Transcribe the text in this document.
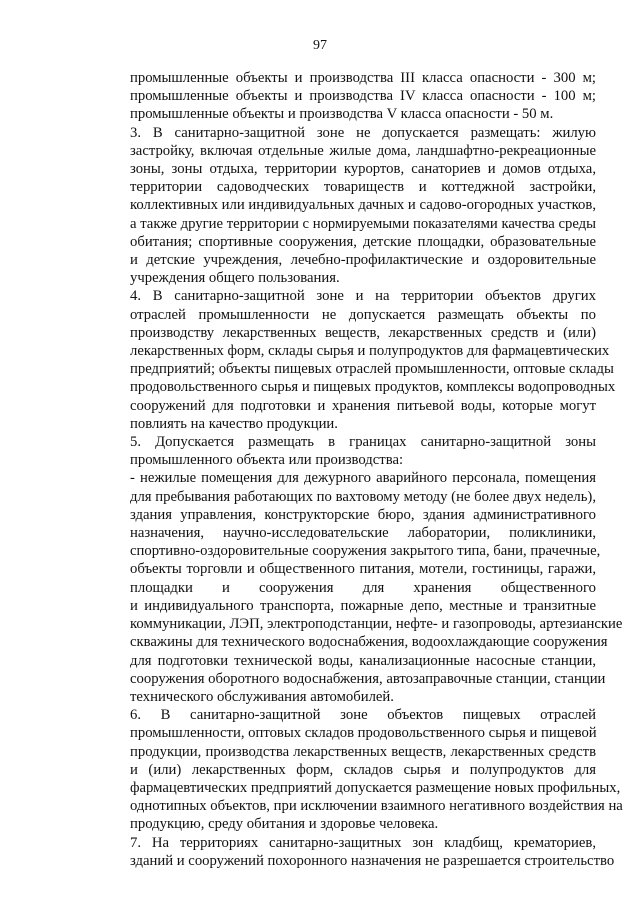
97

промышленные объекты и производства III класса опасности - 300 м;
промышленные объекты и производства IV класса опасности - 100 м;
промышленные объекты и производства V класса опасности - 50 м.

3. В санитарно-защитной зоне не допускается размещать: жилую
застройку, включая отдельные жилые дома, ландшафтно-рекреационные
зоны, зоны отдыха, территории курортов, санаториев и домов отдыха,
территории садоводческих товариществ и коттеджной застройки,
коллективных или индивидуальных дачных и садово-огородных участков,
а также другие территории с нормируемыми показателями качества среды
обитания; спортивные сооружения, детские площадки, образовательные
и детские учреждения, лечебно-профилактические и оздоровительные
учреждения общего пользования.

4. В санитарно-защитной зоне и на территории объектов других
отраслей промышленности не допускается размещать объекты по
производству лекарственных веществ, лекарственных средств и (или)
лекарственных форм, склады сырья и полупродуктов для фармацевтических
предприятий; объекты пищевых отраслей промышленности, оптовые склады
продовольственного сырья и пищевых продуктов, комплексы водопроводных
сооружений для подготовки и хранения питьевой воды, которые могут
повлиять на качество продукции.

5. Допускается размещать в границах санитарно-защитной зоны
промышленного объекта или производства:

- нежилые помещения для дежурного аварийного персонала, помещения
для пребывания работающих по вахтовому методу (не более двух недель),
здания управления, конструкторские бюро, здания административного
назначения, научно-исследовательские лаборатории, поликлиники,
спортивно-оздоровительные сооружения закрытого типа, бани, прачечные,
объекты торговли и общественного питания, мотели, гостиницы, гаражи,
площадки и сооружения для хранения общественного
и индивидуального транспорта, пожарные депо, местные и транзитные
коммуникации, ЛЭП, электроподстанции, нефте- и газопроводы, артезианские
скважины для технического водоснабжения, водоохлаждающие сооружения
для подготовки технической воды, канализационные насосные станции,
сооружения оборотного водоснабжения, автозаправочные станции, станции
технического обслуживания автомобилей.

6. В санитарно-защитной зоне объектов пищевых отраслей
промышленности, оптовых складов продовольственного сырья и пищевой
продукции, производства лекарственных веществ, лекарственных средств
и (или) лекарственных форм, складов сырья и полупродуктов для
фармацевтических предприятий допускается размещение новых профильных,
однотипных объектов, при исключении взаимного негативного воздействия на
продукцию, среду обитания и здоровье человека.

7. На территориях санитарно-защитных зон кладбищ, крематориев,
зданий и сооружений похоронного назначения не разрешается строительство
